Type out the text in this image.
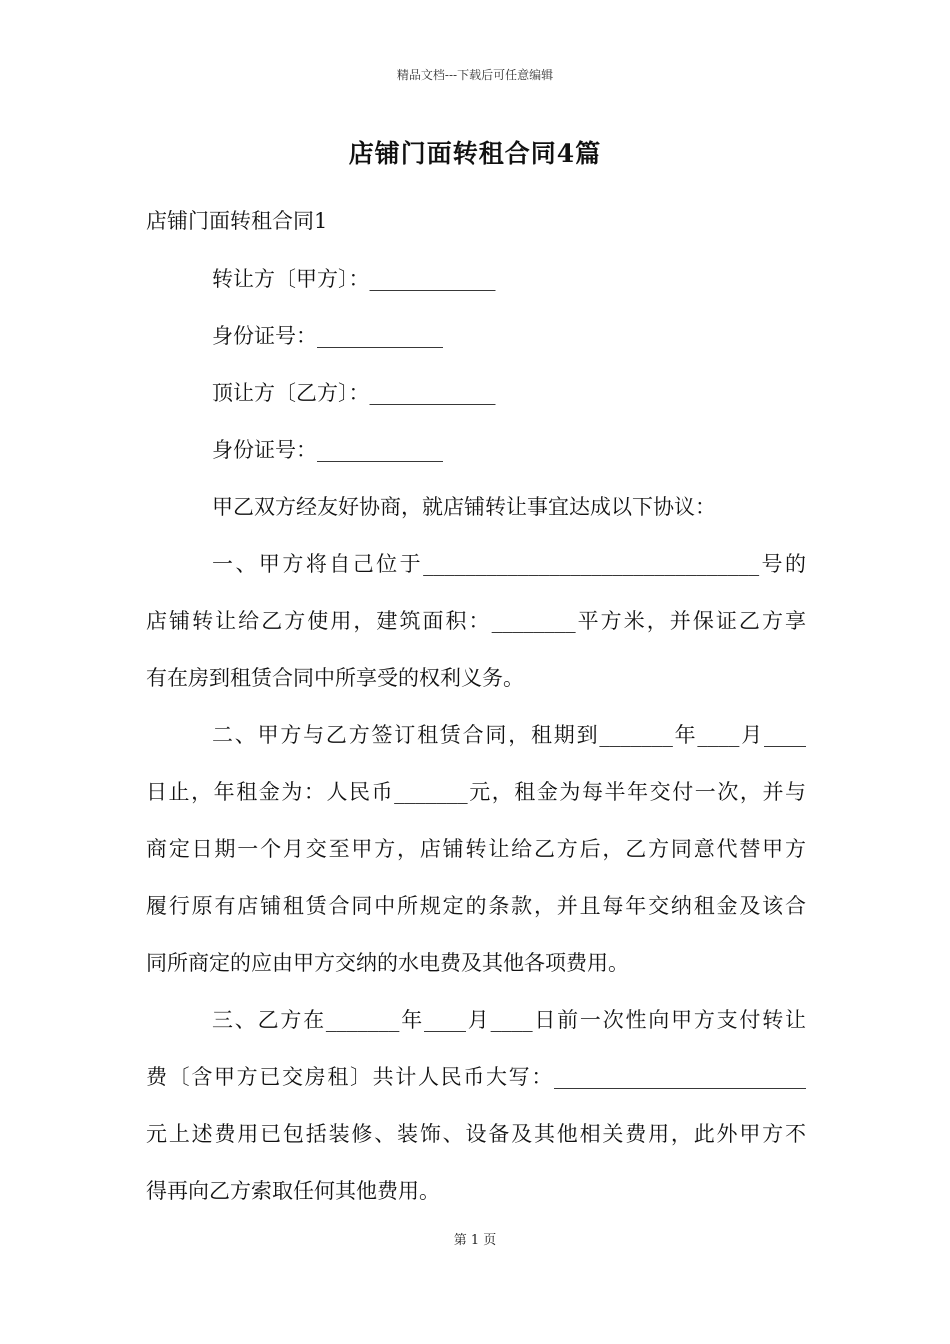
精品文档---下载后可任意编辑
店铺门面转租合同4篇
店铺门面转租合同1
转让方〔甲方〕：____________
身份证号：____________
顶让方〔乙方〕：____________
身份证号：____________
甲乙双方经友好协商，就店铺转让事宜达成以下协议：
一、甲方将自己位于________________________________号的
店铺转让给乙方使用，建筑面积：________平方米，并保证乙方享
有在房到租赁合同中所享受的权利义务。
二、甲方与乙方签订租赁合同，租期到_______年____月____
日止，年租金为：人民币_______元，租金为每半年交付一次，并与
商定日期一个月交至甲方，店铺转让给乙方后，乙方同意代替甲方
履行原有店铺租赁合同中所规定的条款，并且每年交纳租金及该合
同所商定的应由甲方交纳的水电费及其他各项费用。
三、乙方在_______年____月____日前一次性向甲方支付转让
费〔含甲方已交房租〕共计人民币大写：________________________
元上述费用已包括装修、装饰、设备及其他相关费用，此外甲方不
得再向乙方索取任何其他费用。
第 1 页
